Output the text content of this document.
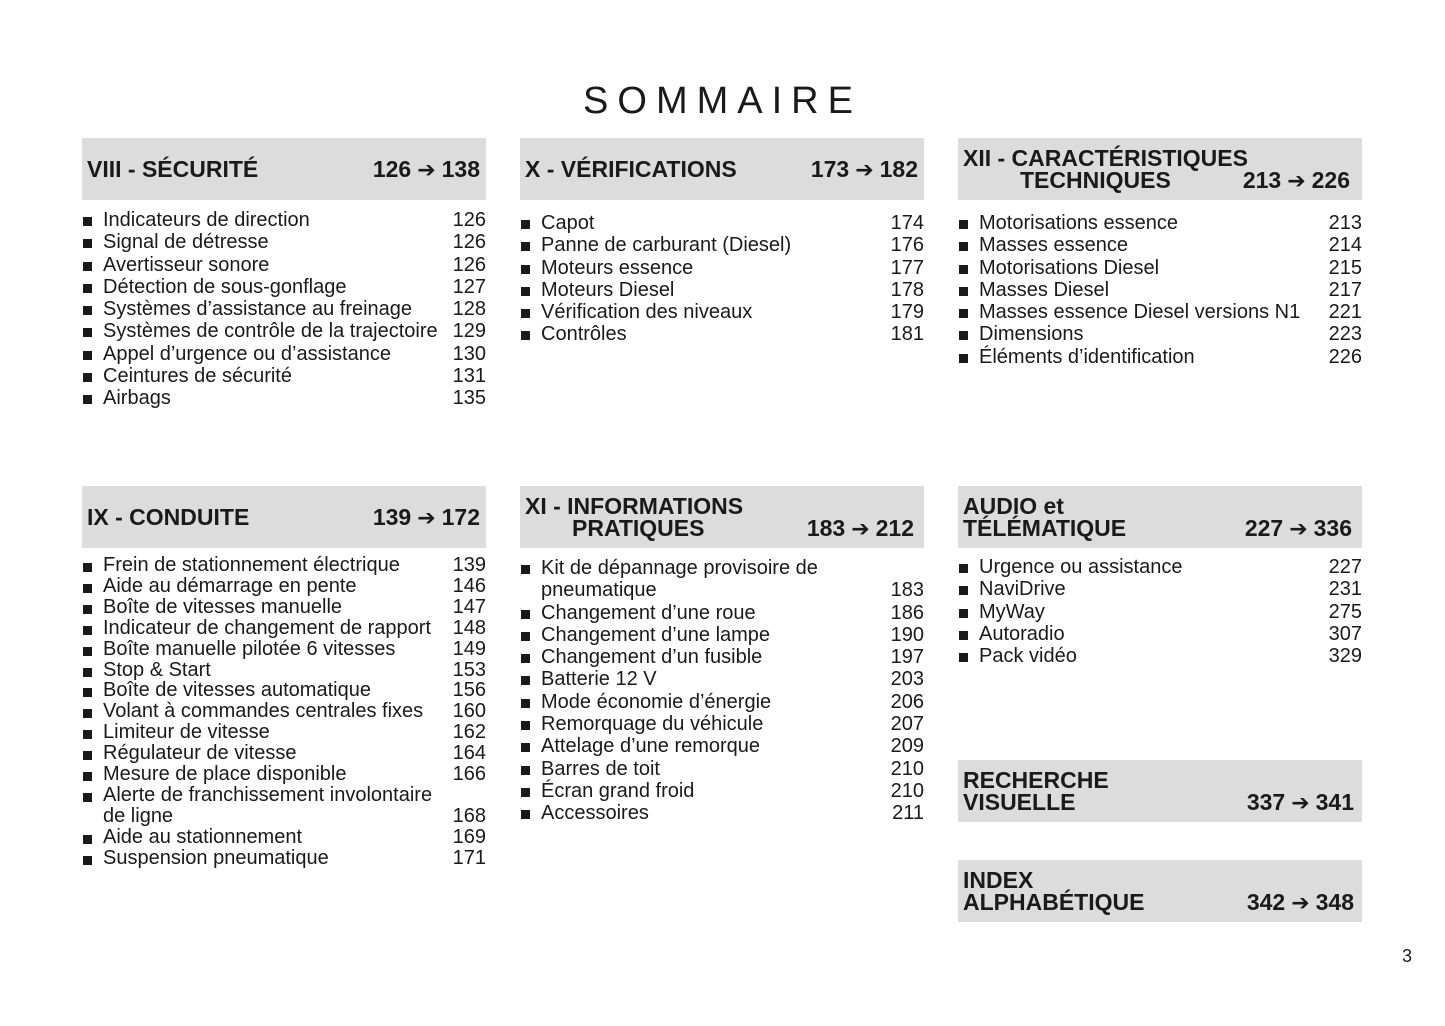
SOMMAIRE
VIII - SÉCURITÉ	126 ➔ 138
Indicateurs de direction	126
Signal de détresse	126
Avertisseur sonore	126
Détection de sous-gonflage	127
Systèmes d’assistance au freinage 128
Systèmes de contrôle de la trajectoire 129
Appel d’urgence ou d’assistance	130
Ceintures de sécurité	131
Airbags	135
X - VÉRIFICATIONS	173 ➔ 182
Capot	174
Panne de carburant (Diesel)	176
Moteurs essence	177
Moteurs Diesel	178
Vérification des niveaux	179
Contrôles	181
XII - CARACTÉRISTIQUES
TECHNIQUES	213 ➔ 226
Motorisations essence	213
Masses essence	214
Motorisations Diesel	215
Masses Diesel	217
Masses essence Diesel versions N1 221
Dimensions	223
Éléments d’identification	226
IX - CONDUITE	139 ➔ 172
Frein de stationnement électrique	139
Aide au démarrage en pente	146
Boîte de vitesses manuelle	147
Indicateur de changement de rapport 148
Boîte manuelle pilotée 6 vitesses	149
Stop & Start	153
Boîte de vitesses automatique	156
Volant à commandes centrales fixes 160
Limiteur de vitesse	162
Régulateur de vitesse	164
Mesure de place disponible	166
Alerte de franchissement involontaire de ligne	168
Aide au stationnement	169
Suspension pneumatique	171
XI - INFORMATIONS
PRATIQUES	183 ➔ 212
Kit de dépannage provisoire de pneumatique	183
Changement d’une roue	186
Changement d’une lampe	190
Changement d’un fusible	197
Batterie 12 V	203
Mode économie d’énergie	206
Remorquage du véhicule	207
Attelage d’une remorque	209
Barres de toit	210
Écran grand froid	210
Accessoires	211
AUDIO et
TÉLÉMATIQUE	227 ➔ 336
Urgence ou assistance	227
NaviDrive	231
MyWay	275
Autoradio	307
Pack vidéo	329
RECHERCHE
VISUELLE	337 ➔ 341
INDEX
ALPHABÉTIQUE	342 ➔ 348
3
